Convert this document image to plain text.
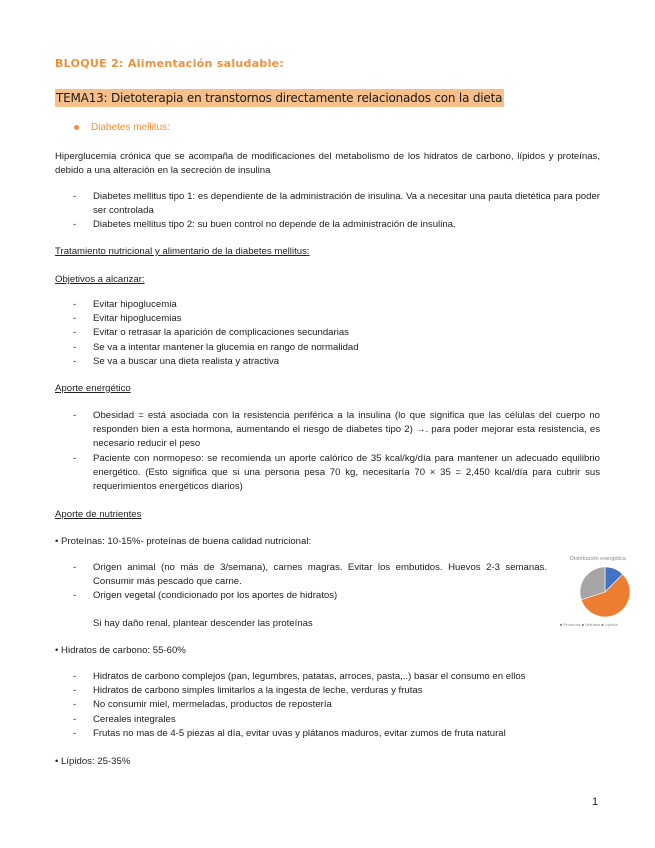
BLOQUE 2: Alimentación saludable:
TEMA13: Dietoterapia en transtornos directamente relacionados con la dieta
Diabetes mellitus:
Hiperglucemia crónica que se acompaña de modificaciones del metabolismo de los hidratos de carbono, lípidos y proteínas, debido a una alteración en la secreción de insulina
- Diabetes mellitus tipo 1: es dependiente de la administración de insulina. Va a necesitar una pauta dietética para poder ser controlada
- Diabetes mellitus tipo 2: su buen control no depende de la administración de insulina.
Tratamiento nutricional y alimentario de la diabetes mellitus:
Objetivos a alcanzar:
- Evitar hipoglucemia
- Evitar hipoglucemias
- Evitar o retrasar la aparición de complicaciones secundarias
- Se va a intentar mantener la glucemia en rango de normalidad
- Se va a buscar una dieta realista y atractiva
Aporte energético
- Obesidad = está asociada con la resistencia periférica a la insulina (lo que significa que las células del cuerpo no responden bien a esta hormona, aumentando el riesgo de diabetes tipo 2) →. para poder mejorar esta resistencia, es necesario reducir el peso
- Paciente con normopeso: se recomienda un aporte calórico de 35 kcal/kg/día para mantener un adecuado equilibrio energético. (Esto significa que si una persona pesa 70 kg, necesitaría 70 × 35 = 2,450 kcal/día para cubrir sus requerimientos energéticos diarios)
Aporte de nutrientes
• Proteínas: 10-15%- proteínas de buena calidad nutricional:
- Origen animal (no más de 3/semana), carnes magras. Evitar los embutidos. Huevos 2-3 semanas. Consumir más pescado que carne.
- Origen vegetal (condicionado por los aportes de hidratos)
Si hay daño renal, plantear descender las proteínas
Distribución energética
■ Proteínas ■ Hidratos ■ Lípidos
• Hidratos de carbono: 55-60%
- Hidratos de carbono complejos (pan, legumbres, patatas, arroces, pasta,..) basar el consumo en ellos
- Hidratos de carbono simples limitarlos a la ingesta de leche, verduras y frutas
- No consumir miel, mermeladas, productos de repostería
- Cereales integrales
- Frutas no mas de 4-5 piezas al día, evitar uvas y plátanos maduros, evitar zumos de fruta natural
• Lípidos: 25-35%
1
